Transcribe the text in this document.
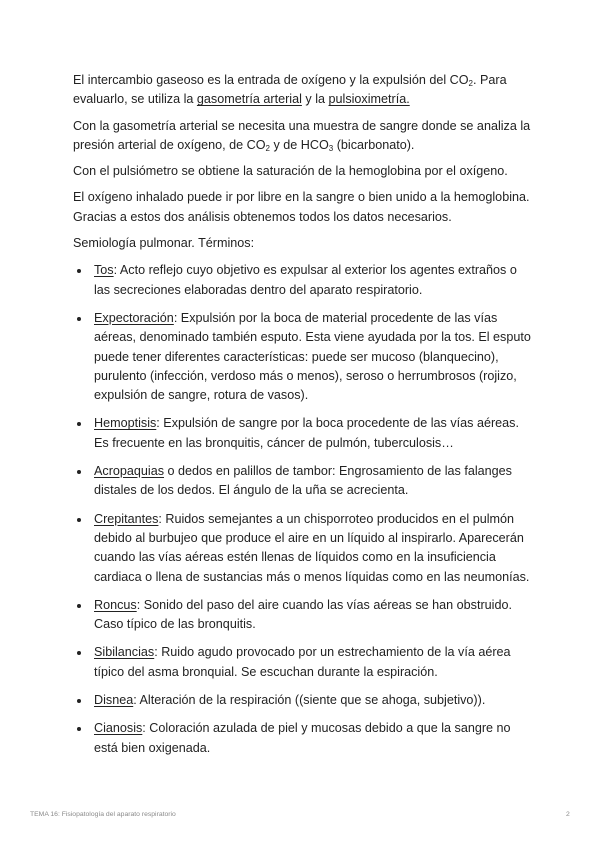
El intercambio gaseoso es la entrada de oxígeno y la expulsión del $CO_2$. Para evaluarlo, se utiliza la gasometría arterial y la pulsioximetría.

Con la gasometría arterial se necesita una muestra de sangre donde se analiza la presión arterial de oxígeno, de $CO_2$ y de $HCO_3$ (bicarbonato).

Con el pulsiómetro se obtiene la saturación de la hemoglobina por el oxígeno.

El oxígeno inhalado puede ir por libre en la sangre o bien unido a la hemoglobina. Gracias a estos dos análisis obtenemos todos los datos necesarios.

Semiología pulmonar. Términos:

Tos: Acto reflejo cuyo objetivo es expulsar al exterior los agentes extraños o las secreciones elaboradas dentro del aparato respiratorio.
Expectoración: Expulsión por la boca de material procedente de las vías aéreas, denominado también esputo. Esta viene ayudada por la tos. El esputo puede tener diferentes características: puede ser mucoso (blanquecino), purulento (infección, verdoso más o menos), seroso o herrumbrosos (rojizo, expulsión de sangre, rotura de vasos).
Hemoptisis: Expulsión de sangre por la boca procedente de las vías aéreas. Es frecuente en las bronquitis, cáncer de pulmón, tuberculosis…
Acropaquias o dedos en palillos de tambor: Engrosamiento de las falanges distales de los dedos. El ángulo de la uña se acrecienta.
Crepitantes: Ruidos semejantes a un chisporroteo producidos en el pulmón debido al burbujeo que produce el aire en un líquido al inspirarlo. Aparecerán cuando las vías aéreas estén llenas de líquidos como en la insuficiencia cardiaca o llena de sustancias más o menos líquidas como en las neumonías.
Roncus: Sonido del paso del aire cuando las vías aéreas se han obstruido. Caso típico de las bronquitis.
Sibilancias: Ruido agudo provocado por un estrechamiento de la vía aérea típico del asma bronquial. Se escuchan durante la espiración.
Disnea: Alteración de la respiración ((siente que se ahoga, subjetivo)).
Cianosis: Coloración azulada de piel y mucosas debido a que la sangre no está bien oxigenada.
TEMA 16: Fisiopatología del aparato respiratorio	2
